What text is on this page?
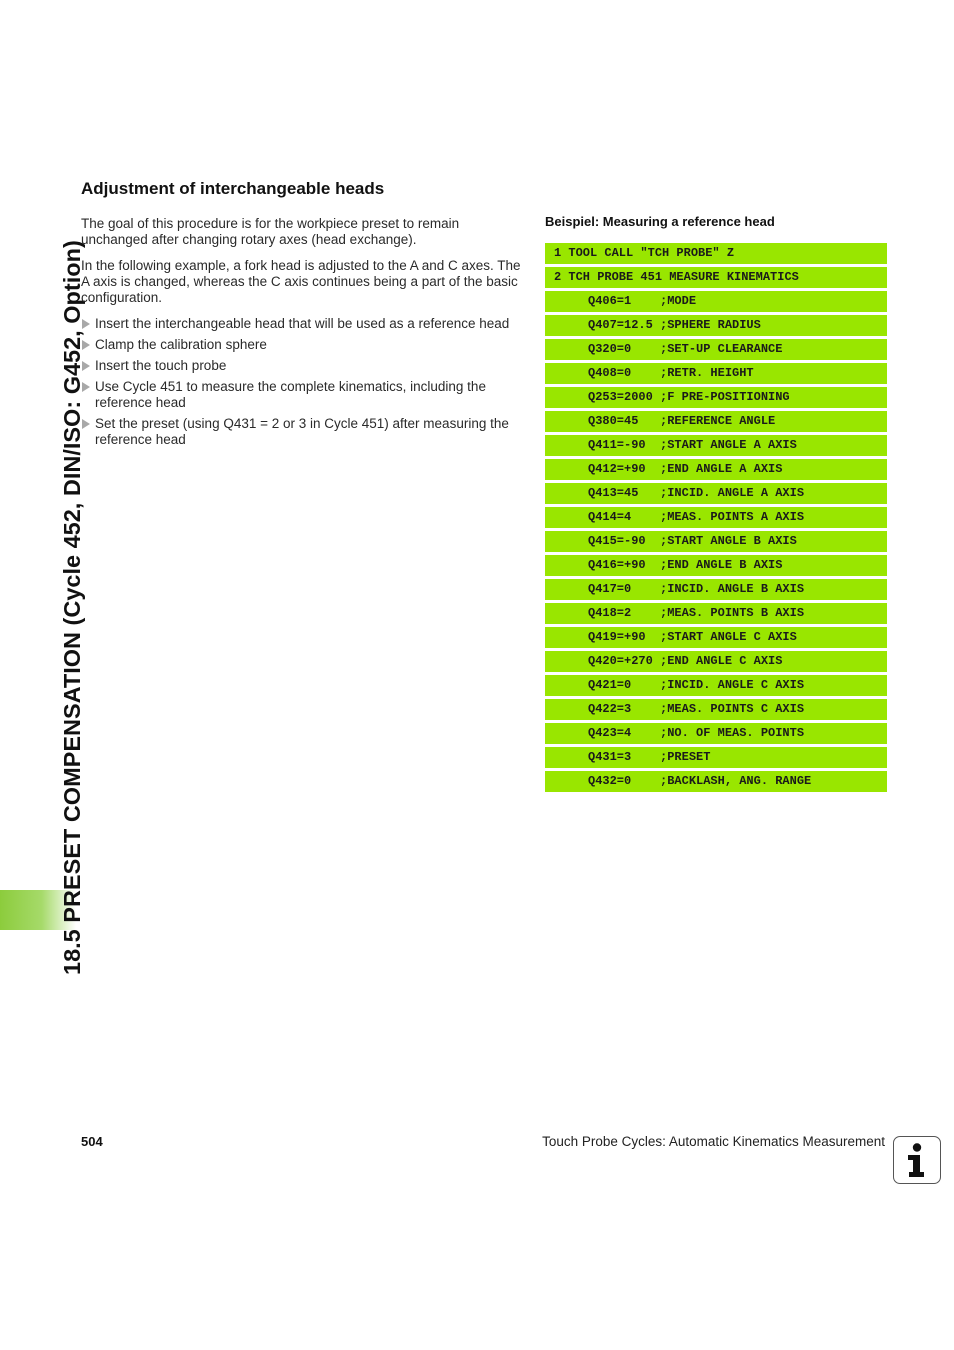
18.5 PRESET COMPENSATION (Cycle 452, DIN/ISO: G452, Option)
Adjustment of interchangeable heads

The goal of this procedure is for the workpiece preset to remain unchanged after changing rotary axes (head exchange).

In the following example, a fork head is adjusted to the A and C axes. The A axis is changed, whereas the C axis continues being a part of the basic configuration.

Insert the interchangeable head that will be used as a reference head
Clamp the calibration sphere
Insert the touch probe
Use Cycle 451 to measure the complete kinematics, including the reference head
Set the preset (using Q431 = 2 or 3 in Cycle 451) after measuring the reference head
Beispiel: Measuring a reference head
1 TOOL CALL "TCH PROBE" Z
2 TCH PROBE 451 MEASURE KINEMATICS
Q406=1    ;MODE
Q407=12.5 ;SPHERE RADIUS
Q320=0    ;SET-UP CLEARANCE
Q408=0    ;RETR. HEIGHT
Q253=2000 ;F PRE-POSITIONING
Q380=45   ;REFERENCE ANGLE
Q411=-90  ;START ANGLE A AXIS
Q412=+90  ;END ANGLE A AXIS
Q413=45   ;INCID. ANGLE A AXIS
Q414=4    ;MEAS. POINTS A AXIS
Q415=-90  ;START ANGLE B AXIS
Q416=+90  ;END ANGLE B AXIS
Q417=0    ;INCID. ANGLE B AXIS
Q418=2    ;MEAS. POINTS B AXIS
Q419=+90  ;START ANGLE C AXIS
Q420=+270 ;END ANGLE C AXIS
Q421=0    ;INCID. ANGLE C AXIS
Q422=3    ;MEAS. POINTS C AXIS
Q423=4    ;NO. OF MEAS. POINTS
Q431=3    ;PRESET
Q432=0    ;BACKLASH, ANG. RANGE
504	Touch Probe Cycles: Automatic Kinematics Measurement
